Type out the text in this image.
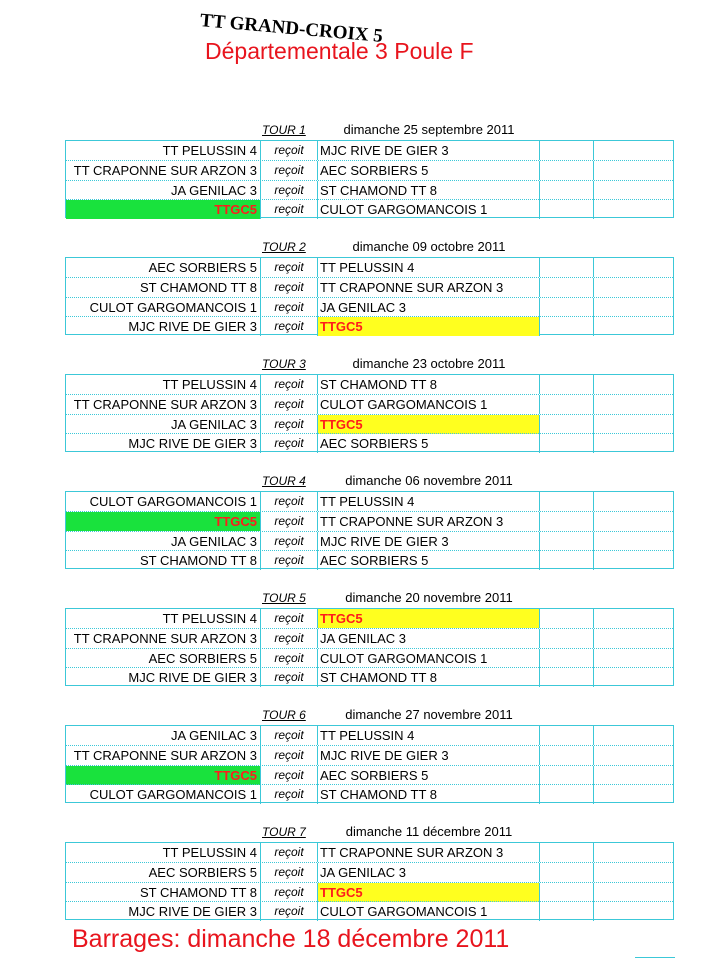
TT GRAND-CROIX 5
Départementale 3 Poule F
TOUR 1	dimanche 25 septembre 2011
TT PELUSSIN 4	reçoit	MJC RIVE DE GIER 3
TT CRAPONNE SUR ARZON 3	reçoit	AEC SORBIERS 5
JA GENILAC 3	reçoit	ST CHAMOND TT 8
TTGC5	reçoit	CULOT GARGOMANCOIS 1
TOUR 2	dimanche 09 octobre 2011
AEC SORBIERS 5	reçoit	TT PELUSSIN 4
ST CHAMOND TT 8	reçoit	TT CRAPONNE SUR ARZON 3
CULOT GARGOMANCOIS 1	reçoit	JA GENILAC 3
MJC RIVE DE GIER 3	reçoit	TTGC5
TOUR 3	dimanche 23 octobre 2011
TT PELUSSIN 4	reçoit	ST CHAMOND TT 8
TT CRAPONNE SUR ARZON 3	reçoit	CULOT GARGOMANCOIS 1
JA GENILAC 3	reçoit	TTGC5
MJC RIVE DE GIER 3	reçoit	AEC SORBIERS 5
TOUR 4	dimanche 06 novembre 2011
CULOT GARGOMANCOIS 1	reçoit	TT PELUSSIN 4
TTGC5	reçoit	TT CRAPONNE SUR ARZON 3
JA GENILAC 3	reçoit	MJC RIVE DE GIER 3
ST CHAMOND TT 8	reçoit	AEC SORBIERS 5
TOUR 5	dimanche 20 novembre 2011
TT PELUSSIN 4	reçoit	TTGC5
TT CRAPONNE SUR ARZON 3	reçoit	JA GENILAC 3
AEC SORBIERS 5	reçoit	CULOT GARGOMANCOIS 1
MJC RIVE DE GIER 3	reçoit	ST CHAMOND TT 8
TOUR 6	dimanche 27 novembre 2011
JA GENILAC 3	reçoit	TT PELUSSIN 4
TT CRAPONNE SUR ARZON 3	reçoit	MJC RIVE DE GIER 3
TTGC5	reçoit	AEC SORBIERS 5
CULOT GARGOMANCOIS 1	reçoit	ST CHAMOND TT 8
TOUR 7	dimanche 11 décembre 2011
TT PELUSSIN 4	reçoit	TT CRAPONNE SUR ARZON 3
AEC SORBIERS 5	reçoit	JA GENILAC 3
ST CHAMOND TT 8	reçoit	TTGC5
MJC RIVE DE GIER 3	reçoit	CULOT GARGOMANCOIS 1
Barrages: dimanche 18 décembre 2011
